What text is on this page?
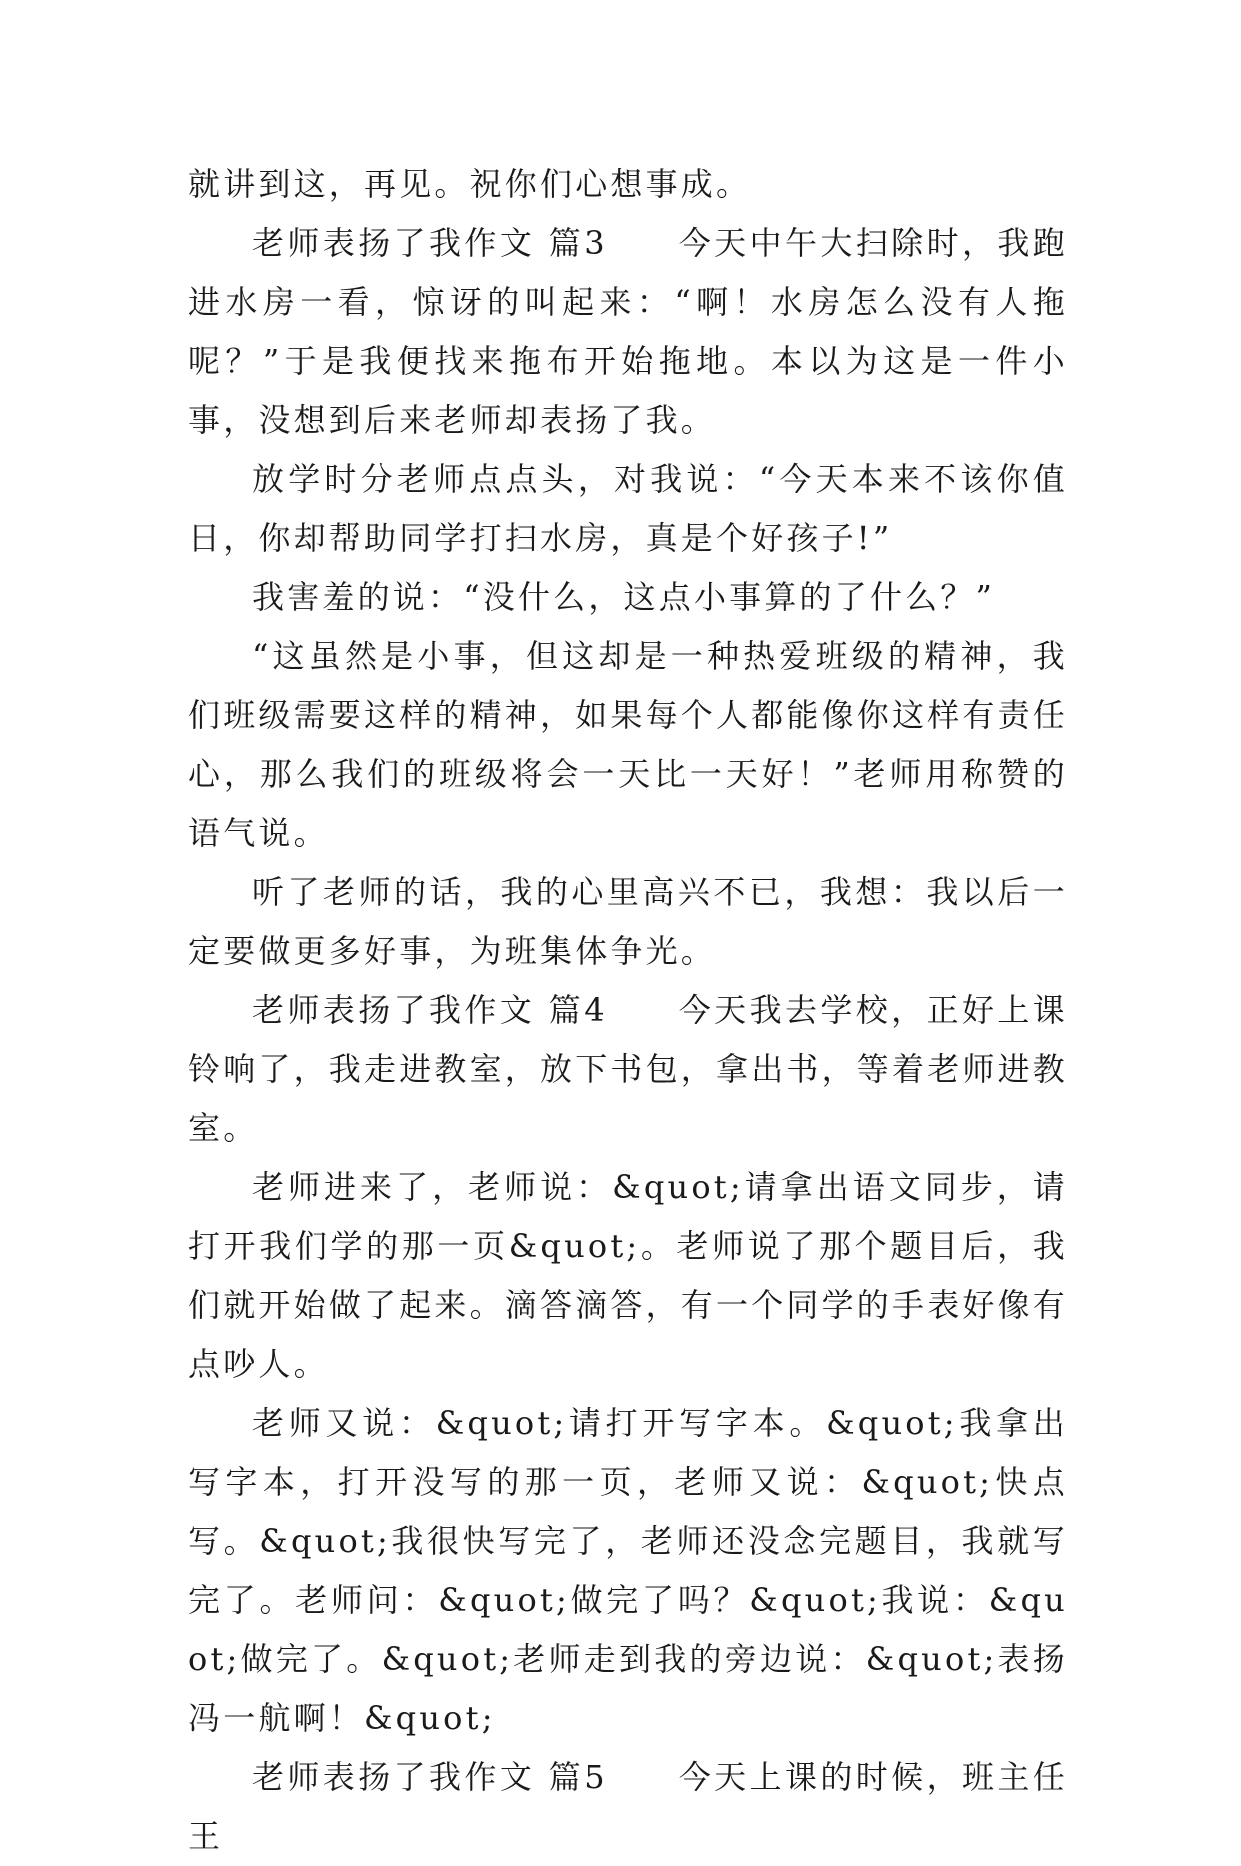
就讲到这，再见。祝你们心想事成。

老师表扬了我作文 篇3　　今天中午大扫除时，我跑进水房一看，惊讶的叫起来：“啊！水房怎么没有人拖呢？”于是我便找来拖布开始拖地。本以为这是一件小事，没想到后来老师却表扬了我。

放学时分老师点点头，对我说：“今天本来不该你值日，你却帮助同学打扫水房，真是个好孩子!”

我害羞的说：“没什么，这点小事算的了什么？”

“这虽然是小事，但这却是一种热爱班级的精神，我们班级需要这样的精神，如果每个人都能像你这样有责任心，那么我们的班级将会一天比一天好！”老师用称赞的语气说。

听了老师的话，我的心里高兴不已，我想：我以后一定要做更多好事，为班集体争光。

老师表扬了我作文 篇4　　今天我去学校，正好上课铃响了，我走进教室，放下书包，拿出书，等着老师进教室。

老师进来了，老师说：&quot;请拿出语文同步，请打开我们学的那一页&quot;。老师说了那个题目后，我们就开始做了起来。滴答滴答，有一个同学的手表好像有点吵人。

老师又说：&quot;请打开写字本。&quot;我拿出写字本，打开没写的那一页，老师又说：&quot;快点写。&quot;我很快写完了，老师还没念完题目，我就写完了。老师问：&quot;做完了吗？&quot;我说：&quot;做完了。&quot;老师走到我的旁边说：&quot;表扬冯一航啊！&quot;

老师表扬了我作文 篇5　　今天上课的时候，班主任王
